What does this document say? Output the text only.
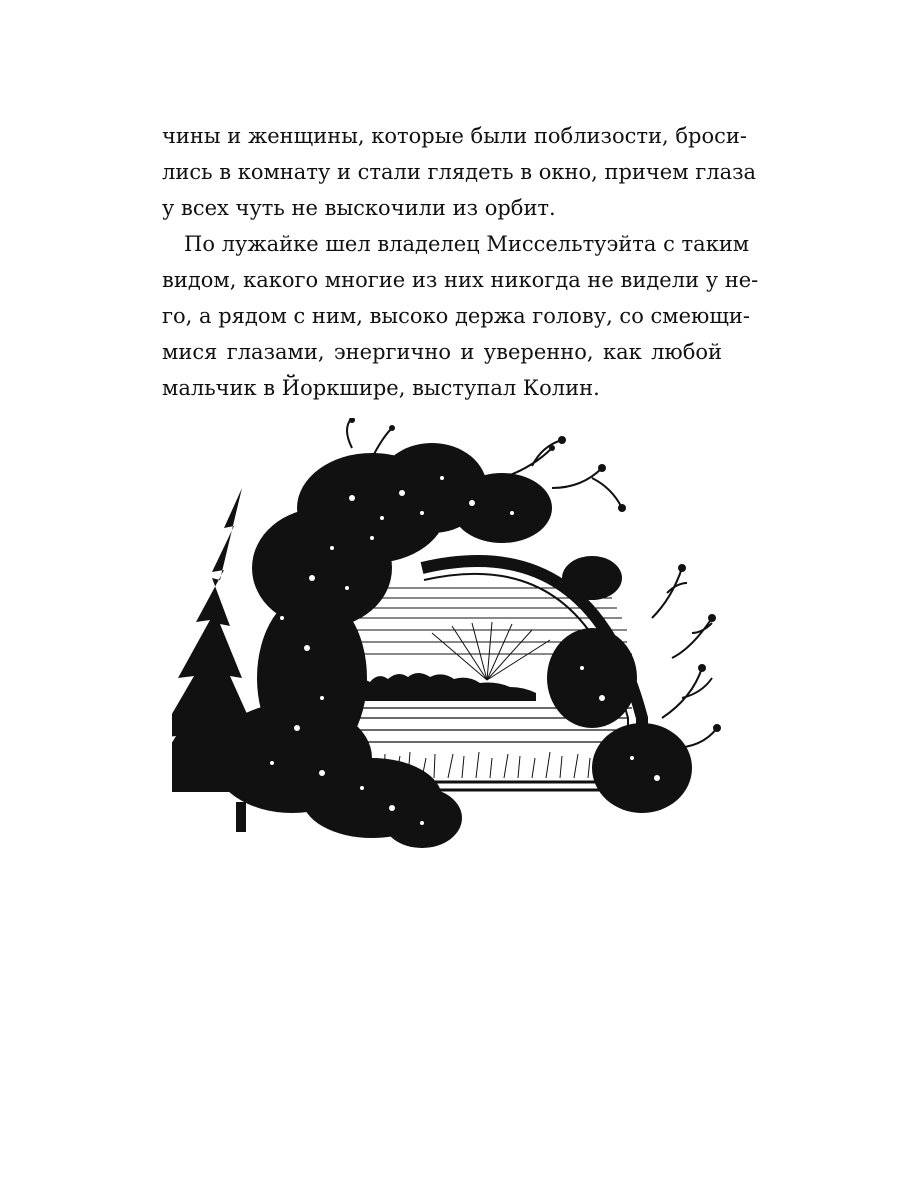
чины и женщины, которые были поблизости, броси-
лись в комнату и стали глядеть в окно, причем глаза
у всех чуть не выскочили из орбит.
По лужайке шел владелец Миссельтуэйта с таким
видом, какого многие из них никогда не видели у не-
го, а рядом с ним, высоко держа голову, со смеющи-
мися глазами, энергично и уверенно, как любой
мальчик в Йоркшире, выступал Колин.
